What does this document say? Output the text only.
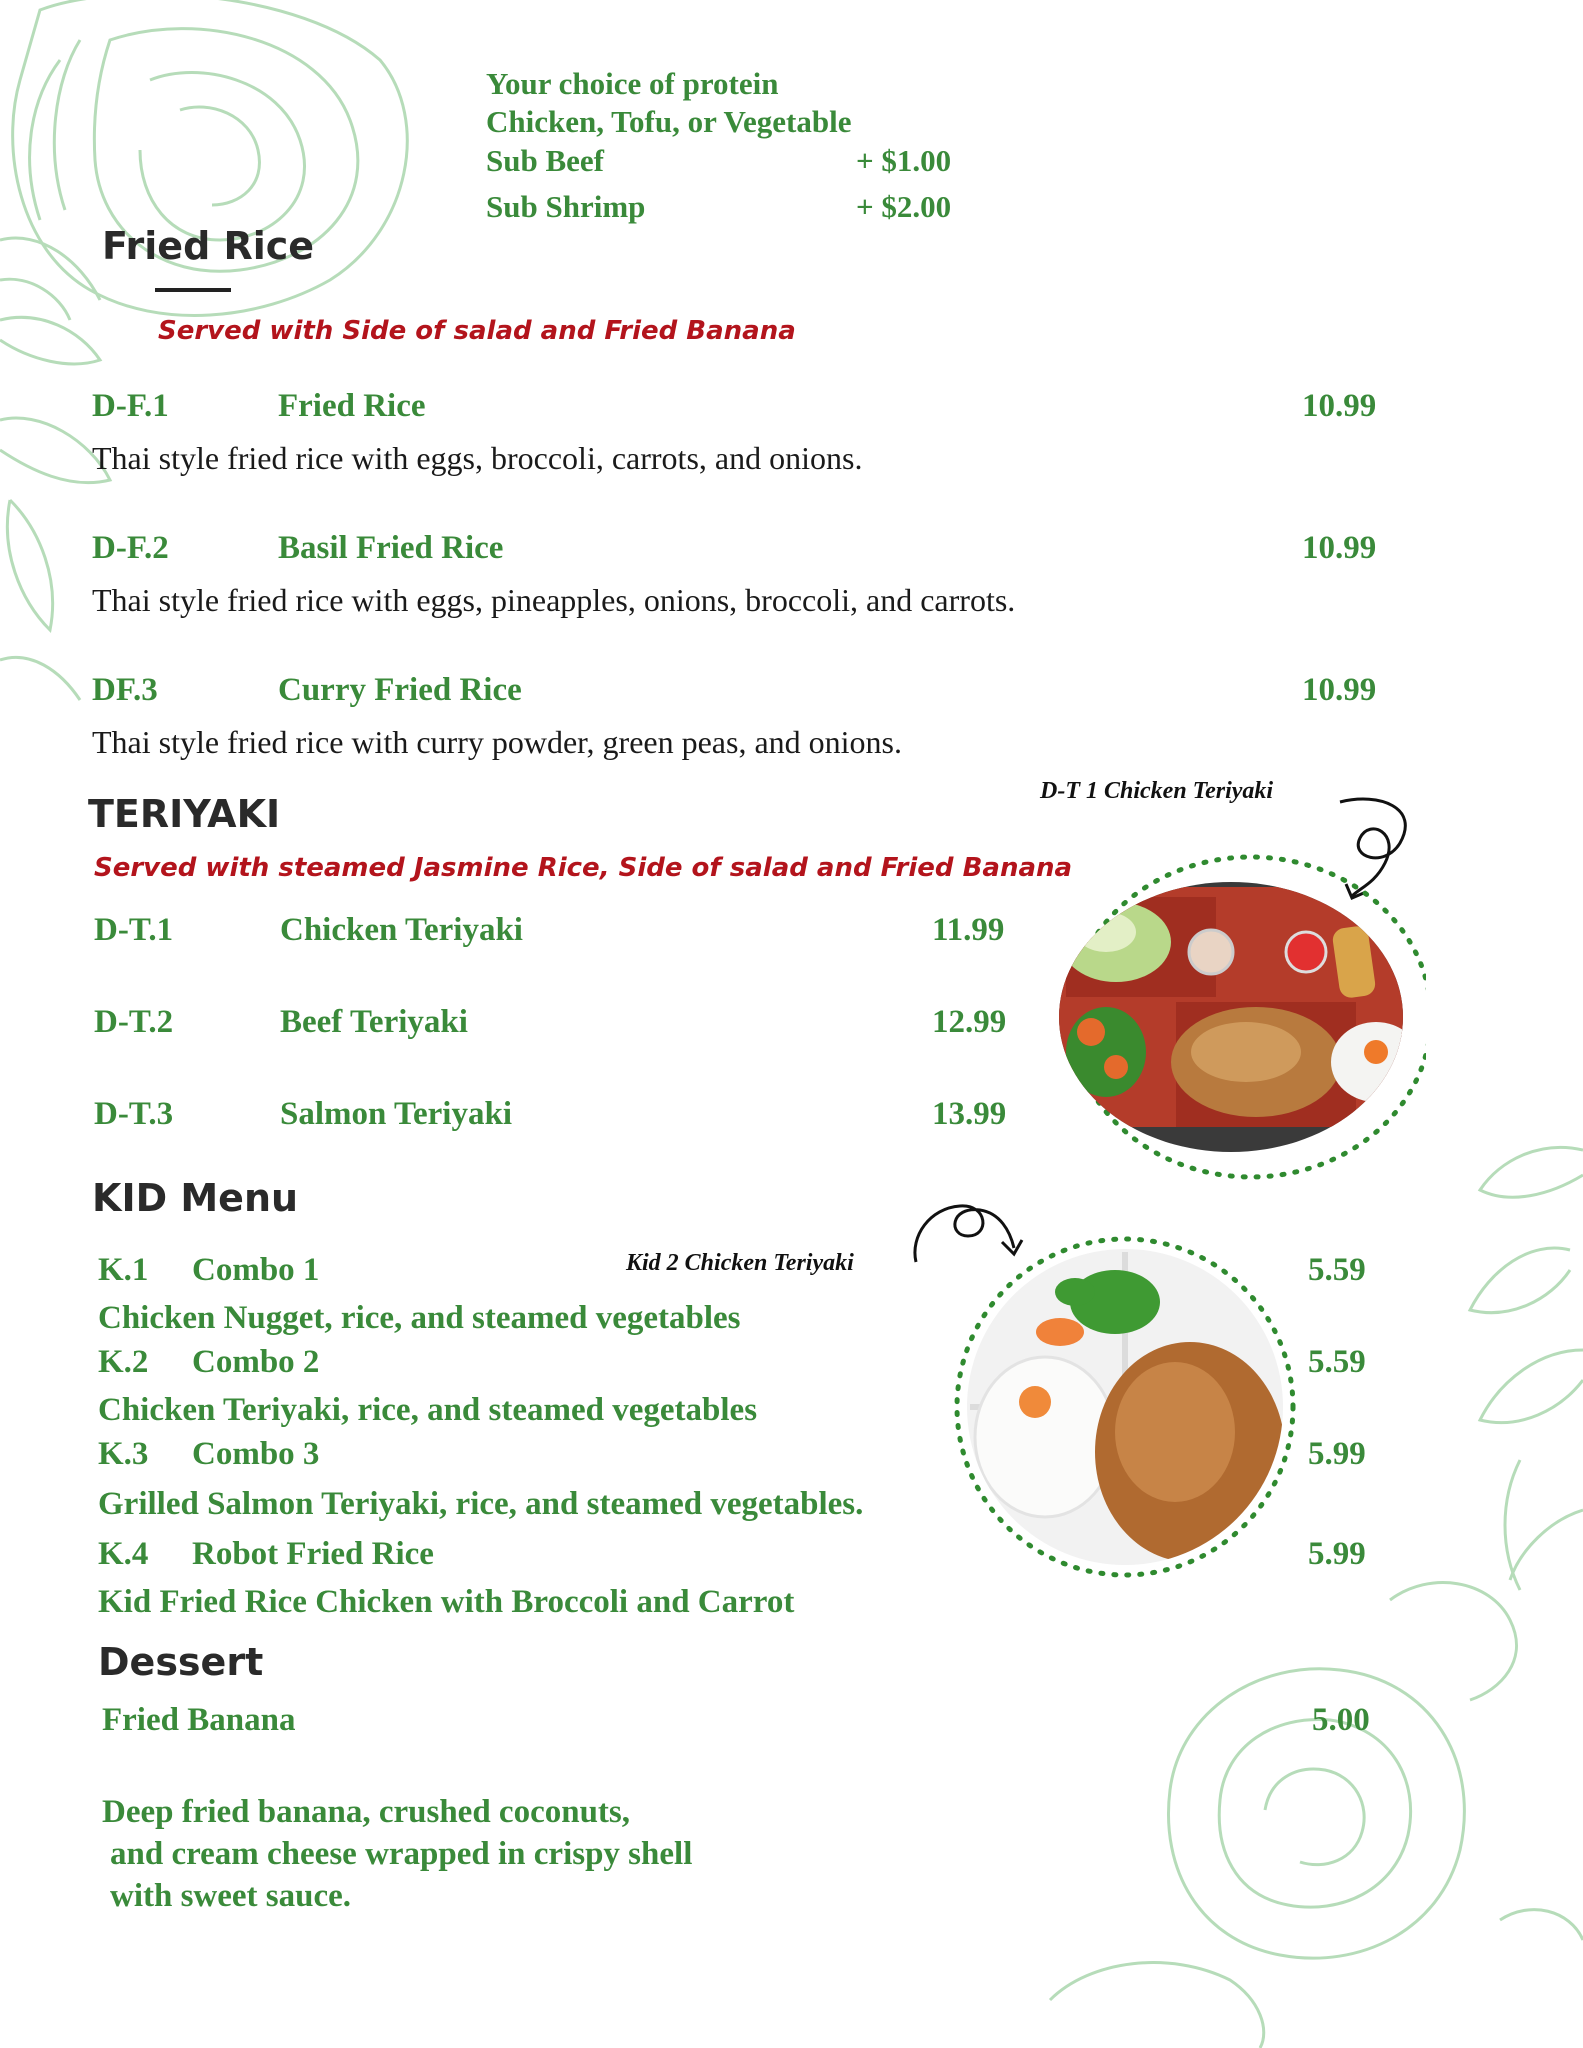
Your choice of protein
Chicken, Tofu, or Vegetable
Sub Beef	+ $1.00
Sub Shrimp	+ $2.00
Fried Rice
Served with Side of salad and Fried Banana
D-F.1	Fried Rice	10.99
Thai style fried rice with eggs, broccoli, carrots, and onions.
D-F.2	Basil Fried Rice	10.99
Thai style fried rice with eggs, pineapples, onions, broccoli, and carrots.
DF.3	Curry Fried Rice	10.99
Thai style fried rice with curry powder, green peas, and onions.
TERIYAKI
Served with steamed Jasmine Rice, Side of salad and Fried Banana
D-T.1	Chicken Teriyaki	11.99
D-T.2	Beef Teriyaki	12.99
D-T.3	Salmon Teriyaki	13.99
D-T 1 Chicken Teriyaki
KID Menu
Kid 2 Chicken Teriyaki
K.1 Combo 1	5.59
Chicken Nugget, rice, and steamed vegetables
K.2 Combo 2	5.59
Chicken Teriyaki, rice, and steamed vegetables
K.3 Combo 3	5.99
Grilled Salmon Teriyaki, rice, and steamed vegetables.
K.4 Robot Fried Rice	5.99
Kid Fried Rice Chicken with Broccoli and Carrot
Dessert
Fried Banana	5.00
Deep fried banana, crushed coconuts,
and cream cheese wrapped in crispy shell
with sweet sauce.
